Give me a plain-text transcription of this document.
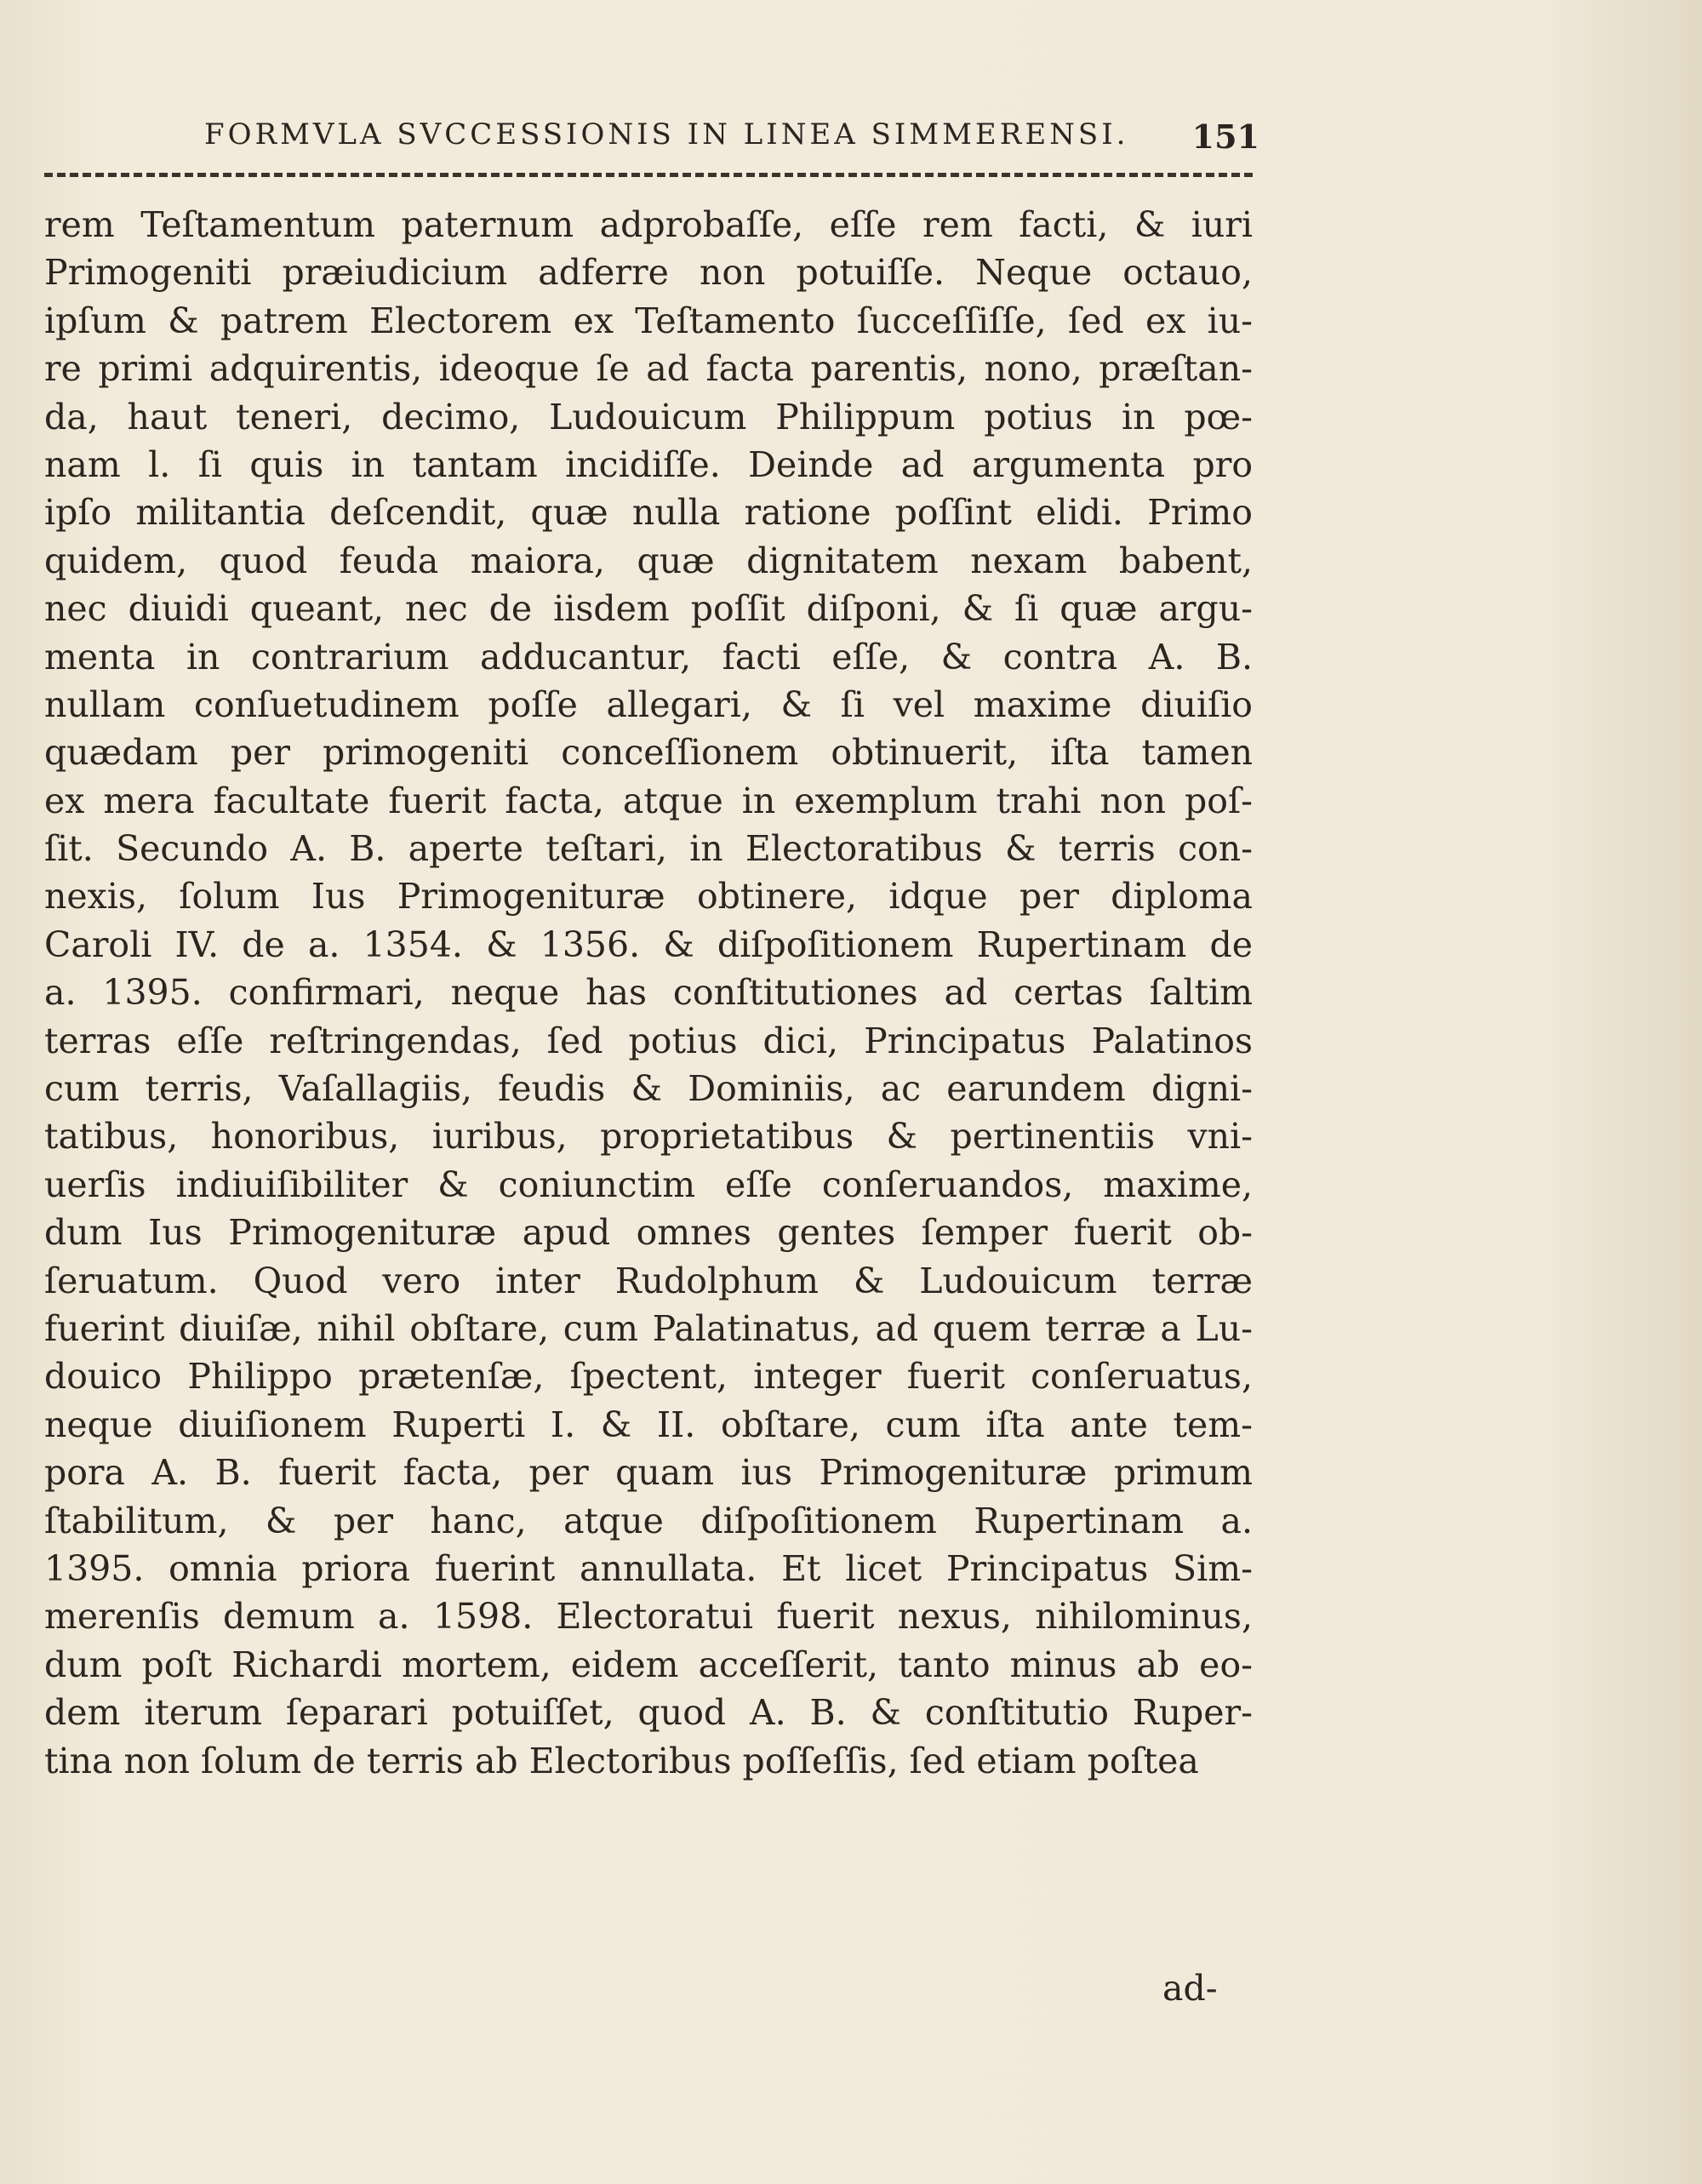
FORMVLA SVCCESSIONIS IN LINEA SIMMERENSI. 151
rem Teſtamentum paternum adprobaſſe, eſſe rem facti, & iuri
Primogeniti præiudicium adferre non potuiſſe. Neque octauo,
ipſum & patrem Electorem ex Teſtamento ſucceſſiſſe, ſed ex iu-
re primi adquirentis, ideoque ſe ad facta parentis, nono, præſtan-
da, haut teneri, decimo, Ludouicum Philippum potius in pœ-
nam l. ſi quis in tantam incidiſſe. Deinde ad argumenta pro
ipſo militantia deſcendit, quæ nulla ratione poſſint elidi. Primo
quidem, quod feuda maiora, quæ dignitatem nexam babent,
nec diuidi queant, nec de iisdem poſſit diſponi, & ſi quæ argu-
menta in contrarium adducantur, facti eſſe, & contra A. B.
nullam conſuetudinem poſſe allegari, & ſi vel maxime diuiſio
quædam per primogeniti conceſſionem obtinuerit, iſta tamen
ex mera facultate fuerit facta, atque in exemplum trahi non poſ-
ſit. Secundo A. B. aperte teſtari, in Electoratibus & terris con-
nexis, ſolum Ius Primogenituræ obtinere, idque per diploma
Caroli IV. de a. 1354. & 1356. & diſpoſitionem Rupertinam de
a. 1395. confirmari, neque has conſtitutiones ad certas ſaltim
terras eſſe reſtringendas, ſed potius dici, Principatus Palatinos
cum terris, Vaſallagiis, feudis & Dominiis, ac earundem digni-
tatibus, honoribus, iuribus, proprietatibus & pertinentiis vni-
uerſis indiuiſibiliter & coniunctim eſſe conſeruandos, maxime,
dum Ius Primogenituræ apud omnes gentes ſemper fuerit ob-
ſeruatum. Quod vero inter Rudolphum & Ludouicum terræ
fuerint diuiſæ, nihil obſtare, cum Palatinatus, ad quem terræ a Lu-
douico Philippo prætenſæ, ſpectent, integer fuerit conſeruatus,
neque diuiſionem Ruperti I. & II. obſtare, cum iſta ante tem-
pora A. B. fuerit facta, per quam ius Primogenituræ primum
ſtabilitum, & per hanc, atque diſpoſitionem Rupertinam a.
1395. omnia priora fuerint annullata. Et licet Principatus Sim-
merenſis demum a. 1598. Electoratui fuerit nexus, nihilominus,
dum poſt Richardi mortem, eidem acceſſerit, tanto minus ab eo-
dem iterum ſeparari potuiſſet, quod A. B. & conſtitutio Ruper-
tina non ſolum de terris ab Electoribus poſſeſſis, ſed etiam poſtea
ad-
